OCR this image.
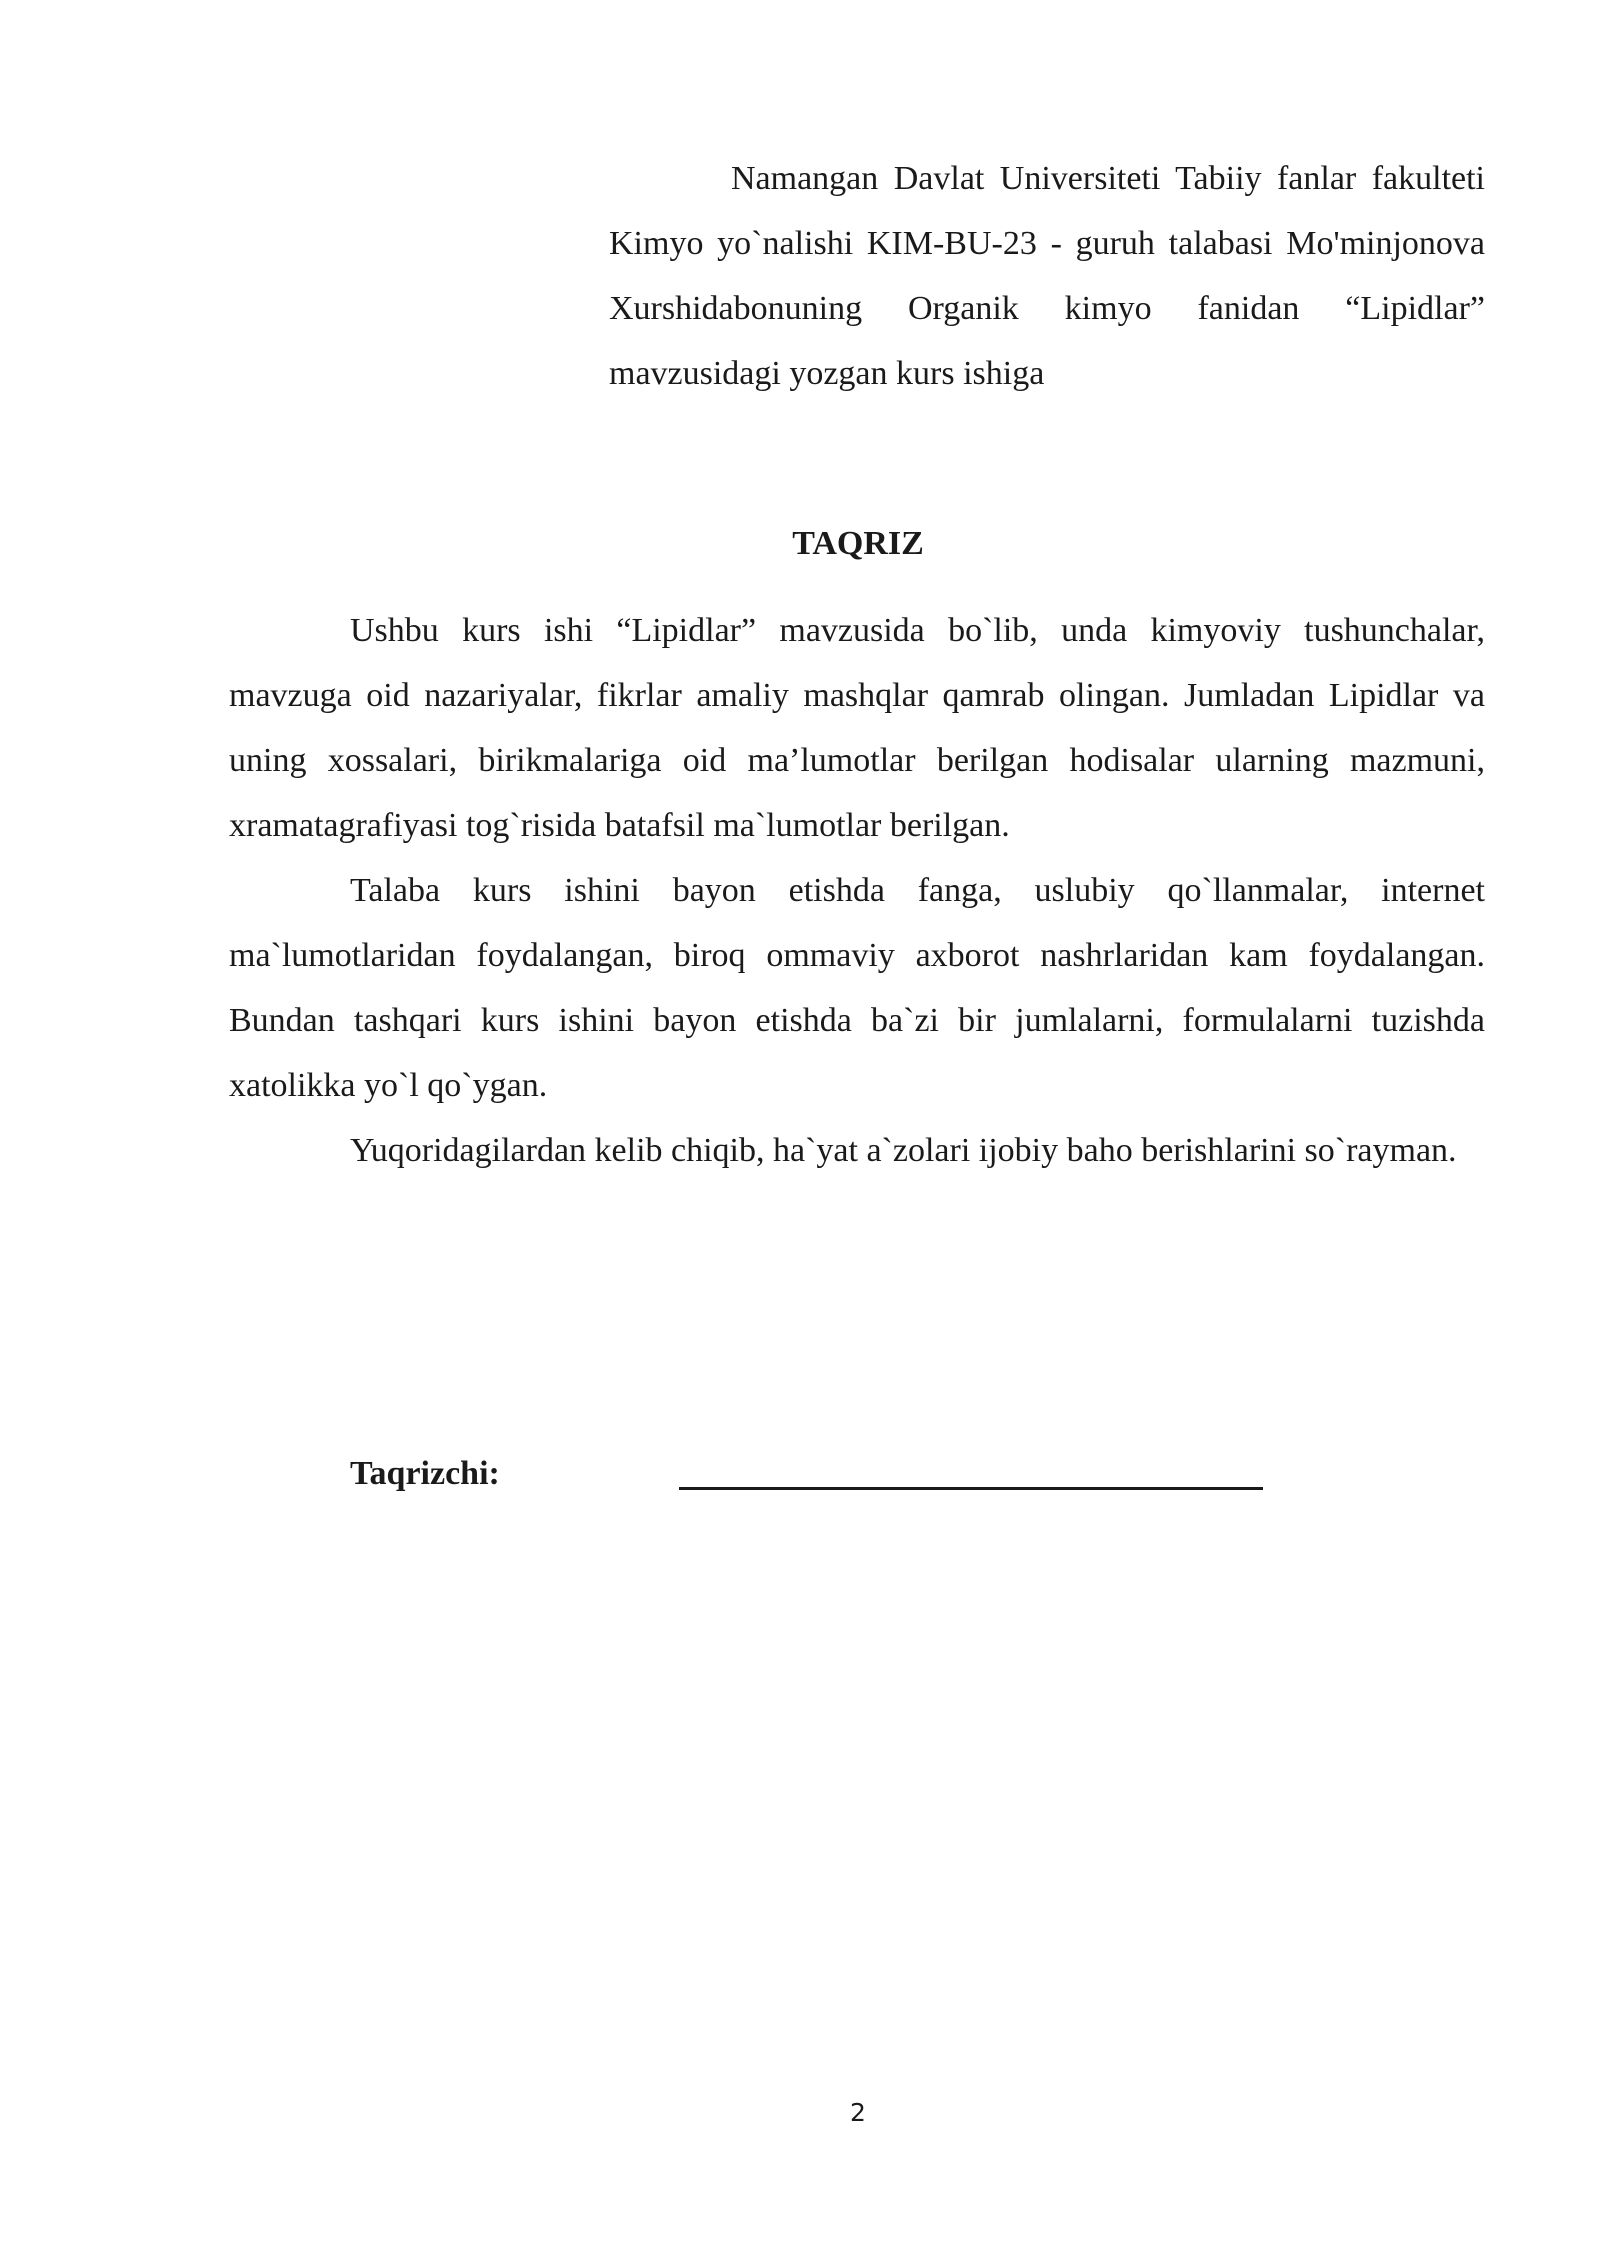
Namangan Davlat Universiteti Tabiiy fanlar fakulteti Kimyo yo`nalishi KIM-BU-23 - guruh talabasi Mo'minjonova Xurshidabonuning Organik kimyo fanidan “Lipidlar” mavzusidagi yozgan kurs ishiga

TAQRIZ

Ushbu kurs ishi “Lipidlar” mavzusida bo`lib, unda kimyoviy tushunchalar, mavzuga oid nazariyalar, fikrlar amaliy mashqlar qamrab olingan. Jumladan Lipidlar va uning xossalari, birikmalariga oid ma’lumotlar berilgan hodisalar ularning mazmuni, xramatagrafiyasi tog`risida batafsil ma`lumotlar berilgan.

Talaba kurs ishini bayon etishda fanga, uslubiy qo`llanmalar, internet ma`lumotlaridan foydalangan, biroq ommaviy axborot nashrlaridan kam foydalangan. Bundan tashqari kurs ishini bayon etishda ba`zi bir jumlalarni, formulalarni tuzishda xatolikka yo`l qo`ygan.

Yuqoridagilardan kelib chiqib, ha`yat a`zolari ijobiy baho berishlarini so`rayman.

Taqrizchi:

2
